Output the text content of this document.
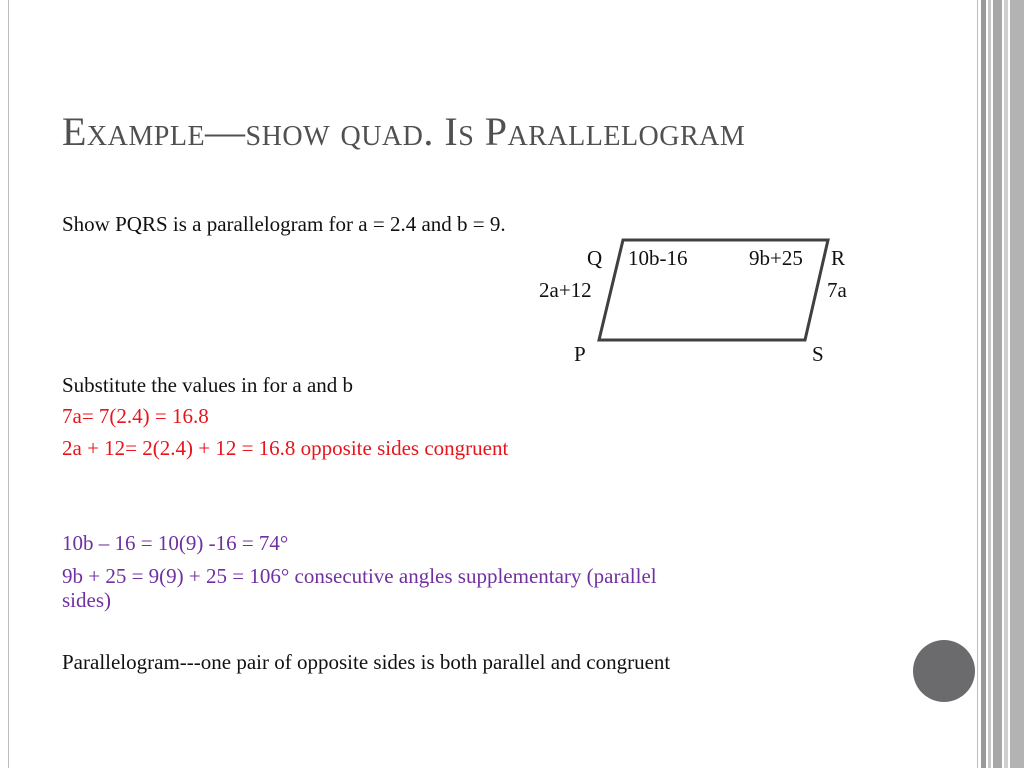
Example—show quad. Is Parallelogram
Show PQRS is a parallelogram for a = 2.4 and b = 9.
Q 10b-16	9b+25 R
2a+12	7a
P	S
Substitute the values in for a and b
7a= 7(2.4) = 16.8
2a + 12= 2(2.4) + 12 = 16.8 opposite sides congruent
10b – 16 = 10(9) -16 = 74°
9b + 25 = 9(9) + 25 = 106° consecutive angles supplementary (parallel
sides)
Parallelogram---one pair of opposite sides is both parallel and congruent
